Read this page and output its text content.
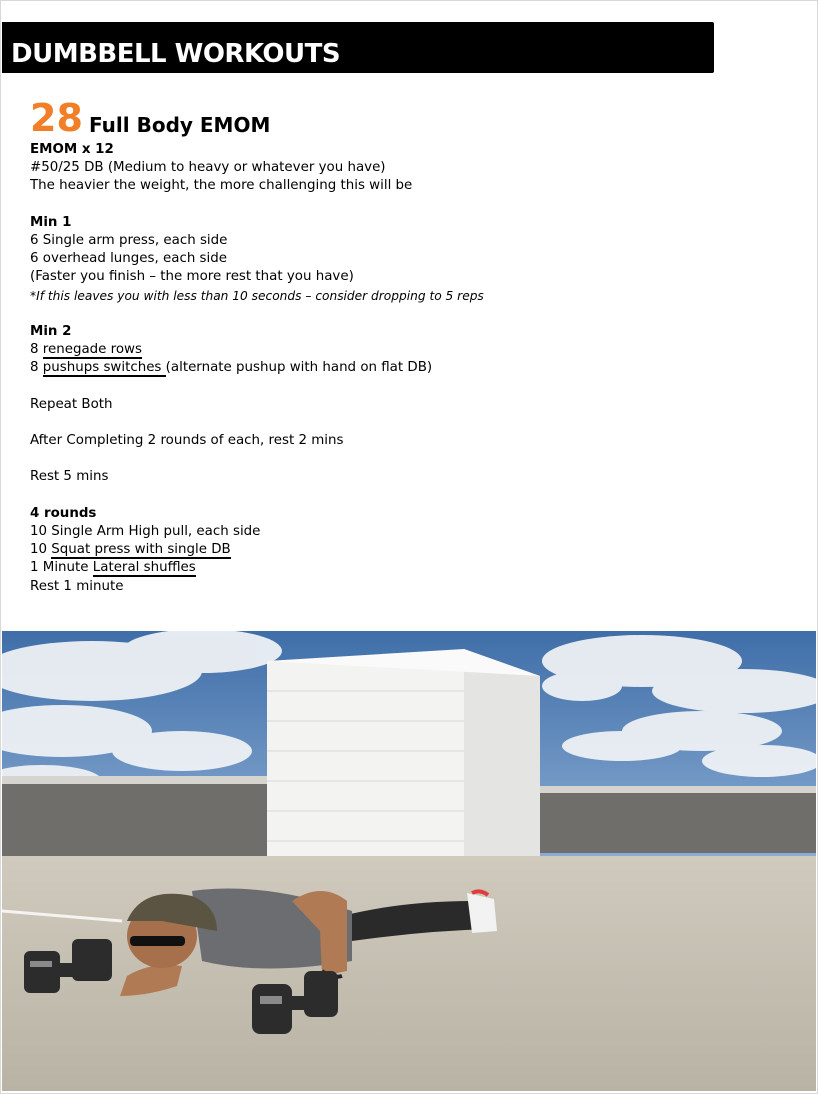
DUMBBELL WORKOUTS
28 Full Body EMOM
EMOM x 12
#50/25 DB (Medium to heavy or whatever you have)
The heavier the weight, the more challenging this will be
Min 1
6 Single arm press, each side
6 overhead lunges, each side
(Faster you finish – the more rest that you have)
*If this leaves you with less than 10 seconds – consider dropping to 5 reps
Min 2
8 renegade rows
8 pushups switches (alternate pushup with hand on flat DB)
Repeat Both
After Completing 2 rounds of each, rest 2 mins
Rest 5 mins
4 rounds
10 Single Arm High pull, each side
10 Squat press with single DB
1 Minute Lateral shuffles
Rest 1 minute
